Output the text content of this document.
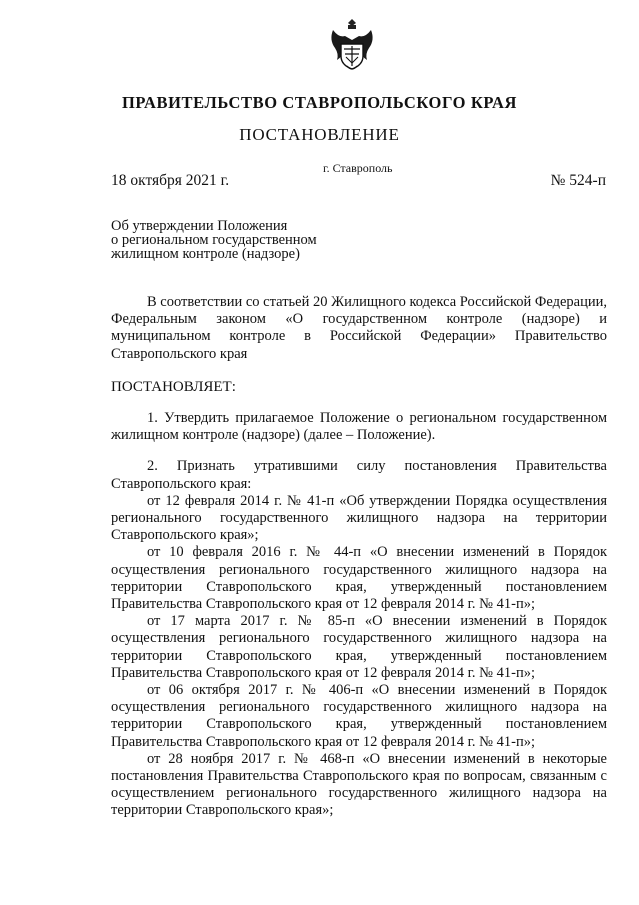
ПРАВИТЕЛЬСТВО СТАВРОПОЛЬСКОГО КРАЯ
ПОСТАНОВЛЕНИЕ
18 октября 2021 г.
г. Ставрополь
№ 524-п
Об утверждении Положения
о региональном государственном
жилищном контроле (надзоре)

В соответствии со статьей 20 Жилищного кодекса Российской Федерации, Федеральным законом «О государственном контроле (надзоре) и муниципальном контроле в Российской Федерации» Правительство Ставропольского края

ПОСТАНОВЛЯЕТ:

1. Утвердить прилагаемое Положение о региональном государственном жилищном контроле (надзоре) (далее – Положение).

2. Признать утратившими силу постановления Правительства Ставропольского края:

от 12 февраля 2014 г. № 41-п «Об утверждении Порядка осуществления регионального государственного жилищного надзора на территории Ставропольского края»;

от 10 февраля 2016 г. № 44-п «О внесении изменений в Порядок осуществления регионального государственного жилищного надзора на территории Ставропольского края, утвержденный постановлением Правительства Ставропольского края от 12 февраля 2014 г. № 41-п»;

от 17 марта 2017 г. № 85-п «О внесении изменений в Порядок осуществления регионального государственного жилищного надзора на территории Ставропольского края, утвержденный постановлением Правительства Ставропольского края от 12 февраля 2014 г. № 41-п»;

от 06 октября 2017 г. № 406-п «О внесении изменений в Порядок осуществления регионального государственного жилищного надзора на территории Ставропольского края, утвержденный постановлением Правительства Ставропольского края от 12 февраля 2014 г. № 41-п»;

от 28 ноября 2017 г. № 468-п «О внесении изменений в некоторые постановления Правительства Ставропольского края по вопросам, связанным с осуществлением регионального государственного жилищного надзора на территории Ставропольского края»;
